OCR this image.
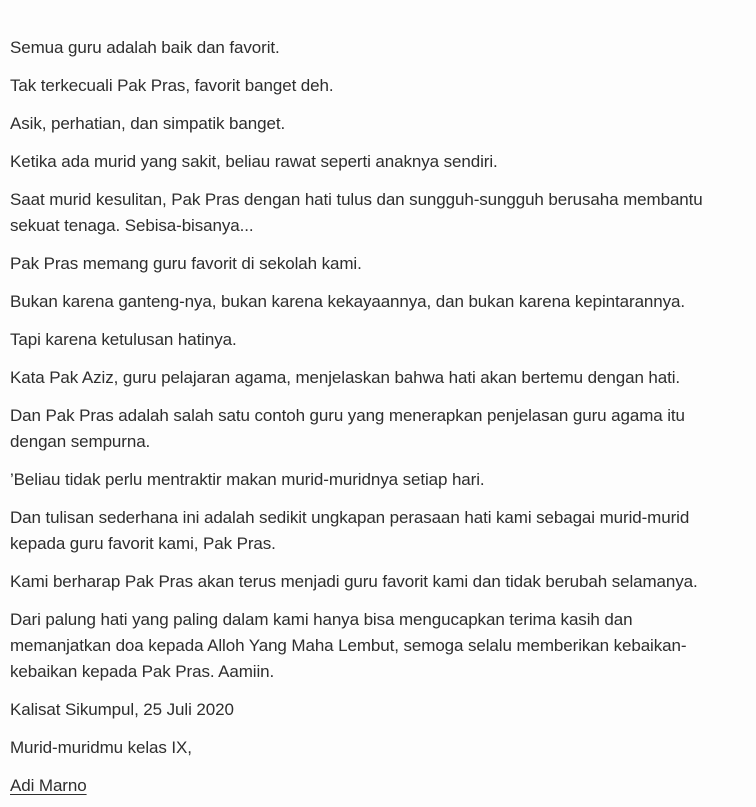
Semua guru adalah baik dan favorit.
Tak terkecuali Pak Pras, favorit banget deh.
Asik, perhatian, dan simpatik banget.
Ketika ada murid yang sakit, beliau rawat seperti anaknya sendiri.
Saat murid kesulitan, Pak Pras dengan hati tulus dan sungguh-sungguh berusaha membantu
sekuat tenaga. Sebisa-bisanya...
Pak Pras memang guru favorit di sekolah kami.
Bukan karena ganteng-nya, bukan karena kekayaannya, dan bukan karena kepintarannya.
Tapi karena ketulusan hatinya.
Kata Pak Aziz, guru pelajaran agama, menjelaskan bahwa hati akan bertemu dengan hati.
Dan Pak Pras adalah salah satu contoh guru yang menerapkan penjelasan guru agama itu
dengan sempurna.
’Beliau tidak perlu mentraktir makan murid-muridnya setiap hari.
Dan tulisan sederhana ini adalah sedikit ungkapan perasaan hati kami sebagai murid-murid
kepada guru favorit kami, Pak Pras.
Kami berharap Pak Pras akan terus menjadi guru favorit kami dan tidak berubah selamanya.
Dari palung hati yang paling dalam kami hanya bisa mengucapkan terima kasih dan
memanjatkan doa kepada Alloh Yang Maha Lembut, semoga selalu memberikan kebaikan-
kebaikan kepada Pak Pras. Aamiin.
Kalisat Sikumpul, 25 Juli 2020
Murid-muridmu kelas IX,
Adi Marno
